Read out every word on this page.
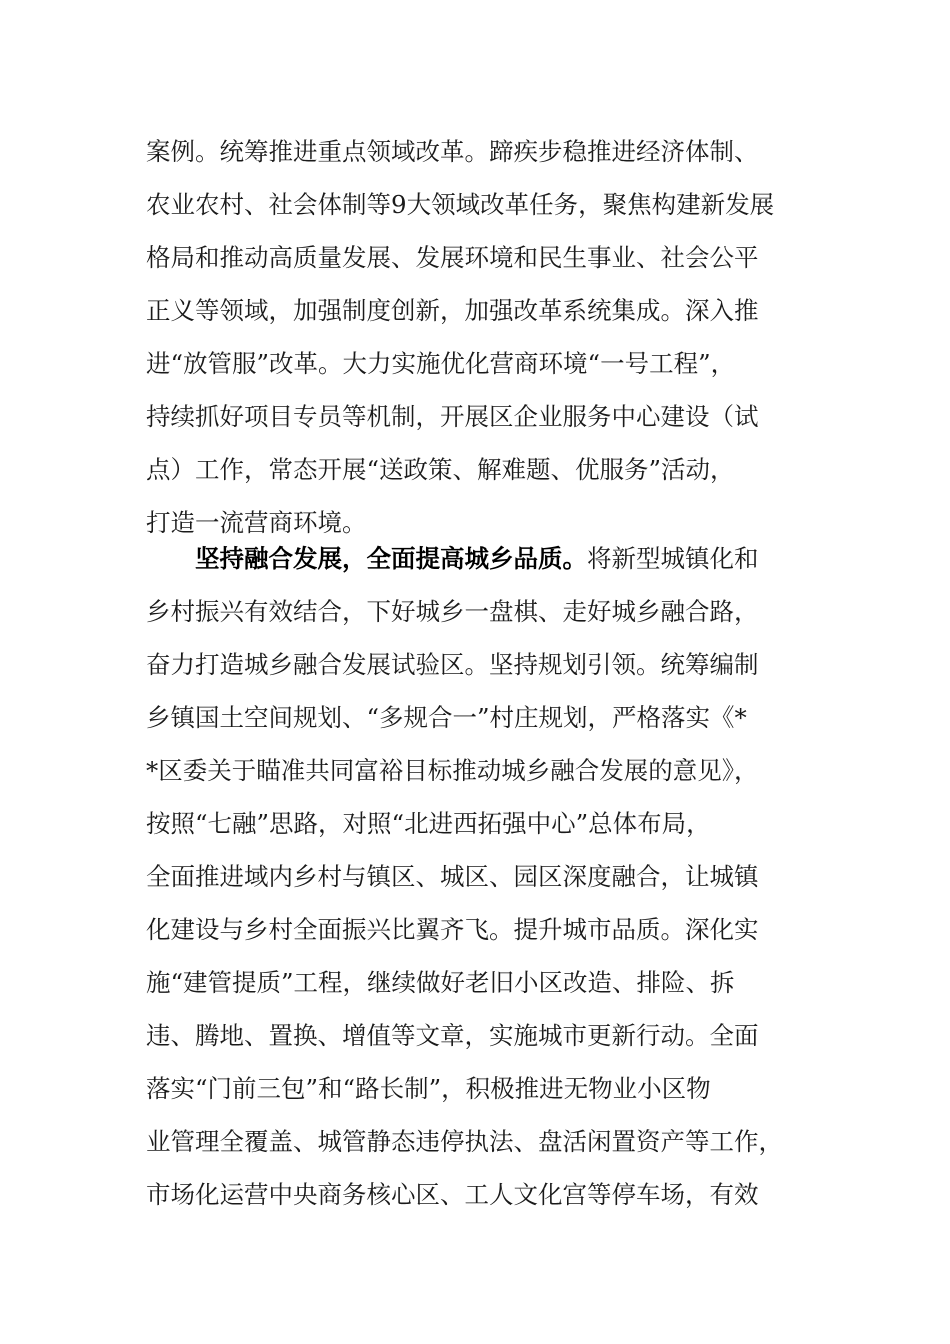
案例。统筹推进重点领域改革。蹄疾步稳推进经济体制、
农业农村、社会体制等9大领域改革任务，聚焦构建新发展
格局和推动高质量发展、发展环境和民生事业、社会公平
正义等领域，加强制度创新，加强改革系统集成。深入推
进“放管服”改革。大力实施优化营商环境“一号工程”，
持续抓好项目专员等机制，开展区企业服务中心建设（试
点）工作，常态开展“送政策、解难题、优服务”活动，
打造一流营商环境。
坚持融合发展，全面提高城乡品质。将新型城镇化和
乡村振兴有效结合，下好城乡一盘棋、走好城乡融合路，
奋力打造城乡融合发展试验区。坚持规划引领。统筹编制
乡镇国土空间规划、“多规合一”村庄规划，严格落实《*
*区委关于瞄准共同富裕目标推动城乡融合发展的意见》，
按照“七融”思路，对照“北进西拓强中心”总体布局，
全面推进域内乡村与镇区、城区、园区深度融合，让城镇
化建设与乡村全面振兴比翼齐飞。提升城市品质。深化实
施“建管提质”工程，继续做好老旧小区改造、排险、拆
违、腾地、置换、增值等文章，实施城市更新行动。全面
落实“门前三包”和“路长制”，积极推进无物业小区物
业管理全覆盖、城管静态违停执法、盘活闲置资产等工作，
市场化运营中央商务核心区、工人文化宫等停车场，有效
